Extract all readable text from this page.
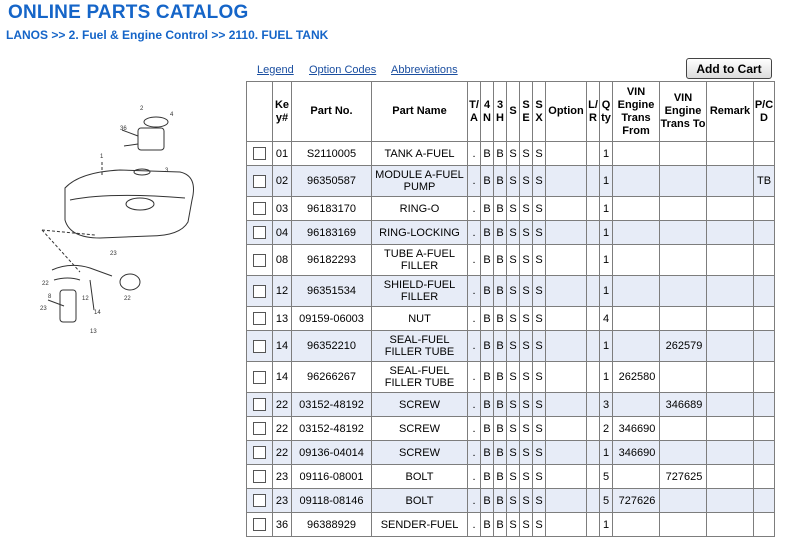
ONLINE PARTS CATALOG
LANOS >> 2. Fuel & Engine Control >> 2110. FUEL TANK
2
4
36
1
3
23
22
23
8	12
14
22
13
Legend Option Codes Abbreviations	Add to Cart
	Key#	Part No.	Part Name	T/A	4N	3H	S	SE	SX	Option	L/R	Qty	VIN Engine Trans From	VIN Engine Trans To	Remark	P/CD
	01	S2110005	TANK A-FUEL	.	B	B	S	S	S			1				
	02	96350587	MODULE A-FUEL PUMP	.	B	B	S	S	S			1				TB
	03	96183170	RING-O	.	B	B	S	S	S			1				
	04	96183169	RING-LOCKING	.	B	B	S	S	S			1				
	08	96182293	TUBE A-FUEL FILLER	.	B	B	S	S	S			1				
	12	96351534	SHIELD-FUEL FILLER	.	B	B	S	S	S			1				
	13	09159-06003	NUT	.	B	B	S	S	S			4				
	14	96352210	SEAL-FUEL FILLER TUBE	.	B	B	S	S	S			1		262579		
	14	96266267	SEAL-FUEL FILLER TUBE	.	B	B	S	S	S			1	262580			
	22	03152-48192	SCREW	.	B	B	S	S	S			3		346689		
	22	03152-48192	SCREW	.	B	B	S	S	S			2	346690			
	22	09136-04014	SCREW	.	B	B	S	S	S			1	346690			
	23	09116-08001	BOLT	.	B	B	S	S	S			5		727625		
	23	09118-08146	BOLT	.	B	B	S	S	S			5	727626			
	36	96388929	SENDER-FUEL	.	B	B	S	S	S			1				
